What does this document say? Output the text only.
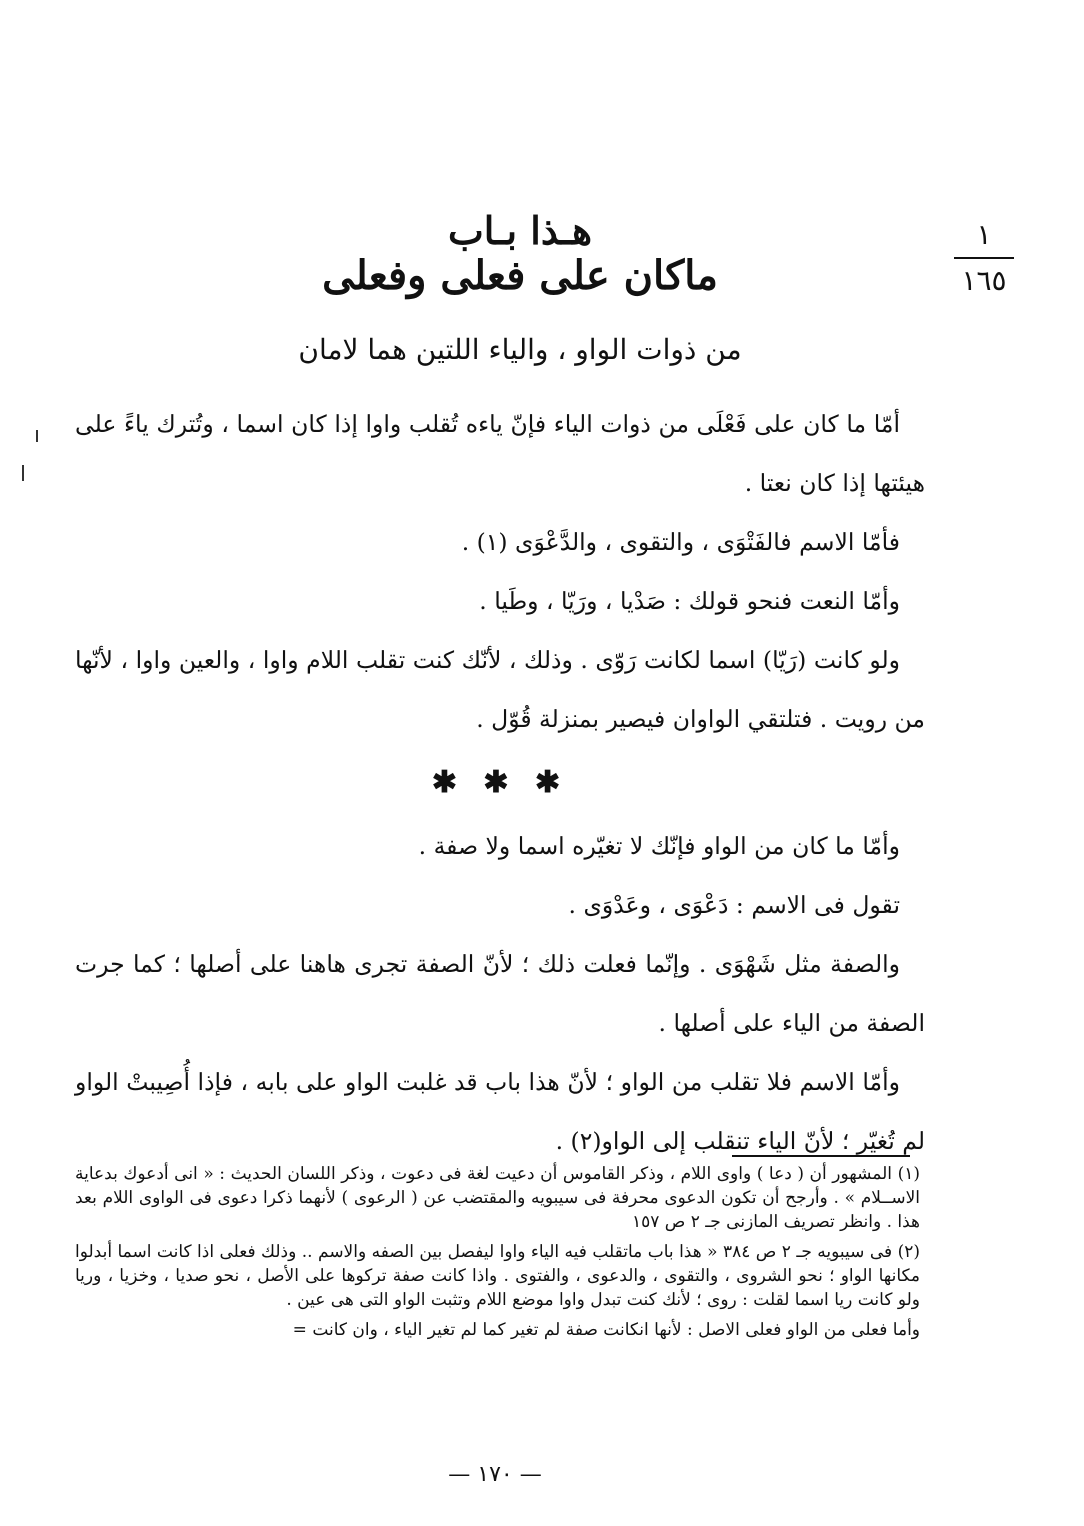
١
١٦٥
هـذا بـاب
ماكان على فعلى وفعلى
من ذوات الواو ، والياء اللتين هما لامان

أمّا ما كان على فَعْلَى من ذوات الياء فإنّ ياءه تُقلب واوا إذا كان اسما ، وتُترك ياءً على هيئتها إذا كان نعتا .

فأمّا الاسم فالفَتْوَى ، والتقوى ، والدَّعْوَى (١) .

وأمّا النعت فنحو قولك : صَدْيا ، ورَيّا ، وطَيا .

ولو كانت (رَيّا) اسما لكانت رَوّى . وذلك ، لأنّك كنت تقلب اللام واوا ، والعين واوا ، لأنّها من رويت . فتلتقي الواوان فيصير بمنزلة قُوّل .

✱ ✱ ✱

وأمّا ما كان من الواو فإنّك لا تغيّره اسما ولا صفة .

تقول فى الاسم : دَعْوَى ، وعَدْوَى .

والصفة مثل شَهْوَى . وإنّما فعلت ذلك ؛ لأنّ الصفة تجرى هاهنا على أصلها ؛ كما جرت الصفة من الياء على أصلها .

وأمّا الاسم فلا تقلب من الواو ؛ لأنّ هذا باب قد غلبت الواو على بابه ، فإذا أُصِيبتْ الواو لم تُغيّر ؛ لأنّ الياء تنقلب إلى الواو(٢) .

(١) المشهور أن ( دعا ) واوى اللام ، وذكر القاموس أن دعيت لغة فى دعوت ، وذكر اللسان الحديث : « انى أدعوك بدعاية الاســلام » . وأرجح أن تكون الدعوى محرفة فى سيبويه والمقتضب عن ( الرعوى ) لأنهما ذكرا دعوى فى الواوى اللام بعد هذا . وانظر تصريف المازنى جـ ٢ ص ١٥٧

(٢) فى سيبويه جـ ٢ ص ٣٨٤ « هذا باب ماتقلب فيه الياء واوا ليفصل بين الصفه والاسم .. وذلك فعلى اذا كانت اسما أبدلوا مكانها الواو ؛ نحو الشروى ، والتقوى ، والدعوى ، والفتوى . واذا كانت صفة تركوها على الأصل ، نحو صديا ، وخزيا ، وريا ولو كانت ريا اسما لقلت : روى ؛ لأنك كنت تبدل واوا موضع اللام وتثبت الواو التى هى عين .

وأما فعلى من الواو فعلى الاصل : لأنها انكانت صفة لم تغير كما لم تغير الياء ، وان كانت =

— ١٧٠ —
